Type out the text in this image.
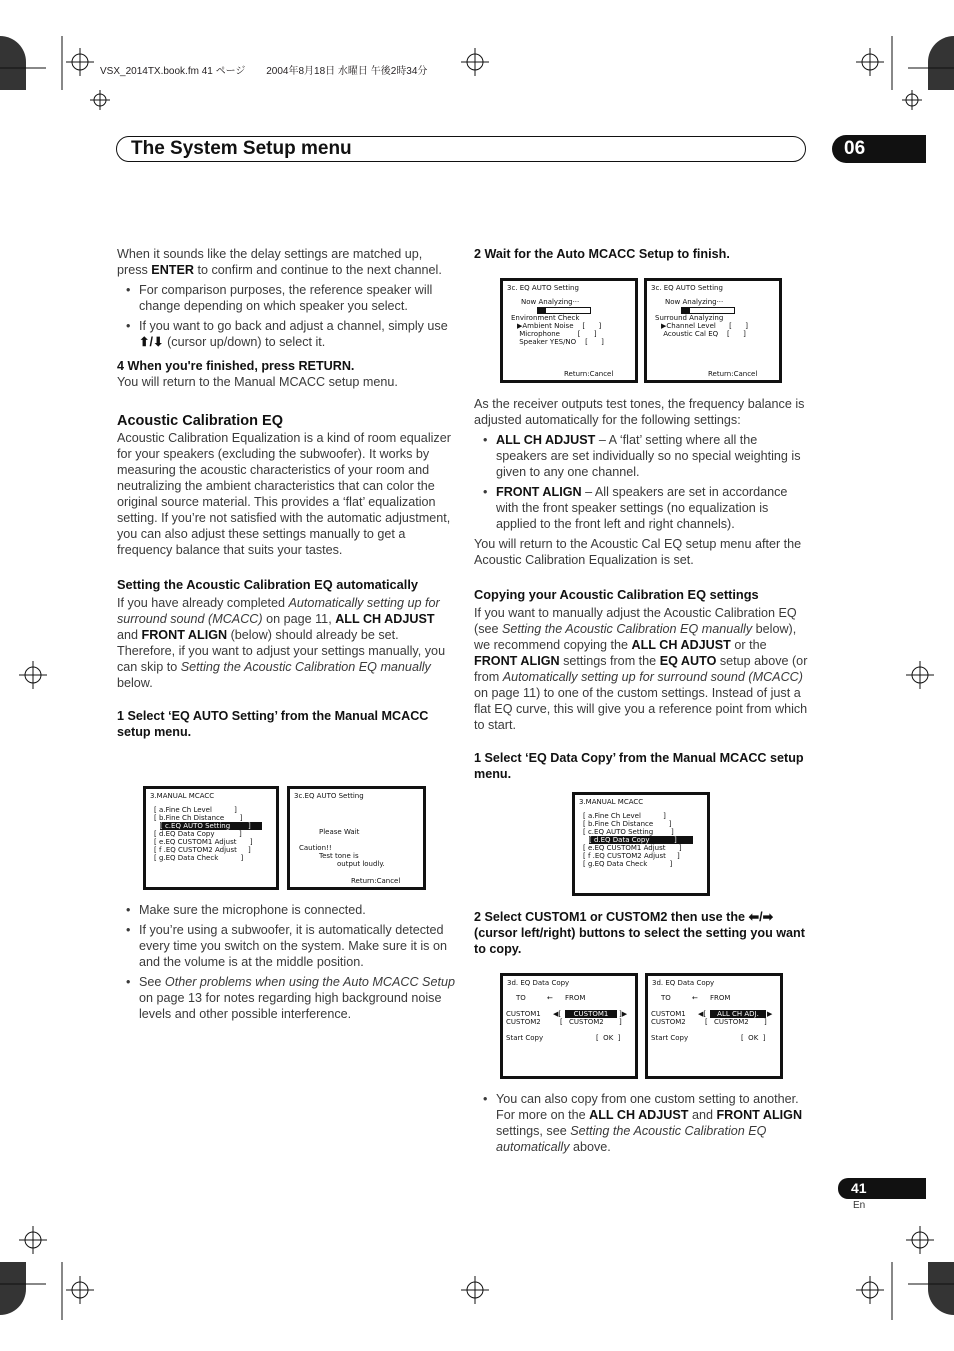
VSX_2014TX.book.fm 41 ページ 2004年8月18日 水曜日 午後2時34分
The System Setup menu	06

When it sounds like the delay settings are matched up, press ENTER to confirm and continue to the next channel.

• For comparison purposes, the reference speaker will change depending on which speaker you select.
• If you want to go back and adjust a channel, simply use ⬆/⬇ (cursor up/down) to select it.
4 When you're finished, press RETURN.
You will return to the Manual MCACC setup menu.
Acoustic Calibration EQ

Acoustic Calibration Equalization is a kind of room equalizer for your speakers (excluding the subwoofer). It works by measuring the acoustic characteristics of your room and neutralizing the ambient characteristics that can color the original source material. This provides a ‘flat’ equalization setting. If you’re not satisfied with the automatic adjustment, you can also adjust these settings manually to get a frequency balance that suits your tastes.

Setting the Acoustic Calibration EQ automatically

If you have already completed Automatically setting up for surround sound (MCACC) on page 11, ALL CH ADJUST and FRONT ALIGN (below) should already be set. Therefore, if you want to adjust your settings manually, you can skip to Setting the Acoustic Calibration EQ manually below.

1 Select ‘EQ AUTO Setting’ from the Manual MCACC setup menu.
3.MANUAL MCACC
[ a.Fine Ch Level          ]
[ b.Fine Ch Distance       ]
[ c.EQ AUTO Setting        ]
[ d.EQ Data Copy           ]
[ e.EQ CUSTOM1 Adjust      ]
[ f .EQ CUSTOM2 Adjust     ]
[ g.EQ Data Check          ]
3c.EQ AUTO Setting
Please Wait
Caution!!
Test tone is
output loudly.
Return:Cancel
• Make sure the microphone is connected.
• If you’re using a subwoofer, it is automatically detected every time you switch on the system. Make sure it is on and the volume is at the middle position.
• See Other problems when using the Auto MCACC Setup on page 13 for notes regarding high background noise levels and other possible interference.
2 Wait for the Auto MCACC Setup to finish.
3c. EQ AUTO Setting
Now Analyzing···
Environment Check
▶Ambient Noise    [      ]
Microphone        [      ]
Speaker YES/NO    [      ]
Return:Cancel
3c. EQ AUTO Setting
Now Analyzing···
Surround Analyzing
▶Channel Level      [      ]
Acoustic Cal EQ    [      ]
Return:Cancel

As the receiver outputs test tones, the frequency balance is adjusted automatically for the following settings:

• ALL CH ADJUST – A ‘flat’ setting where all the speakers are set individually so no special weighting is given to any one channel.
• FRONT ALIGN – All speakers are set in accordance with the front speaker settings (no equalization is applied to the front left and right channels).

You will return to the Acoustic Cal EQ setup menu after the Acoustic Calibration Equalization is set.

Copying your Acoustic Calibration EQ settings

If you want to manually adjust the Acoustic Calibration EQ (see Setting the Acoustic Calibration EQ manually below), we recommend copying the ALL CH ADJUST or the FRONT ALIGN settings from the EQ AUTO setup above (or from Automatically setting up for surround sound (MCACC) on page 11) to one of the custom settings. Instead of just a flat EQ curve, this will give you a reference point from which to start.

1 Select ‘EQ Data Copy’ from the Manual MCACC setup menu.
3.MANUAL MCACC
[ a.Fine Ch Level          ]
[ b.Fine Ch Distance       ]
[ c.EQ AUTO Setting        ]
[ d.EQ Data Copy           ]
[ e.EQ CUSTOM1 Adjust      ]
[ f .EQ CUSTOM2 Adjust     ]
[ g.EQ Data Check          ]
2 Select CUSTOM1 or CUSTOM2 then use the ⬅/➡ (cursor left/right) buttons to select the setting you want to copy.
3d. EQ Data Copy
TO	← FROM
CUSTOM1 ◀[	CUSTOM1	]▶
CUSTOM2	[ CUSTOM2 ]
Start Copy	[  OK  ]
3d. EQ Data Copy
TO	← FROM
CUSTOM1 ◀[	ALL CH ADJ.	▶
CUSTOM2	[ CUSTOM2 ]
Start Copy	[  OK  ]
• You can also copy from one custom setting to another. For more on the ALL CH ADJUST and FRONT ALIGN settings, see Setting the Acoustic Calibration EQ automatically above.
41
En
